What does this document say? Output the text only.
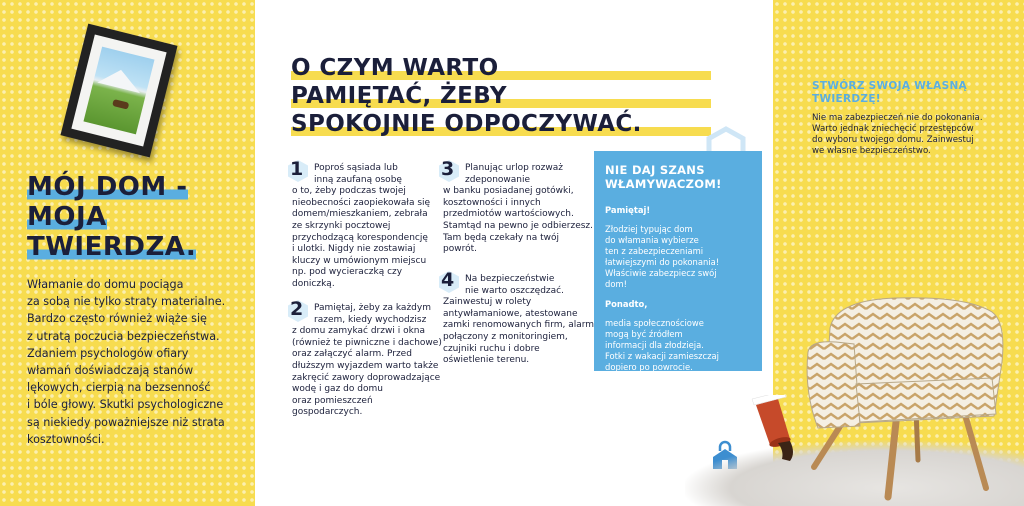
MÓJ DOM -
MOJA
TWIERDZA.
Włamanie do domu pociąga
za sobą nie tylko straty materialne.
Bardzo często również wiąże się
z utratą poczucia bezpieczeństwa.
Zdaniem psychologów ofiary
włamań doświadczają stanów
lękowych, cierpią na bezsenność
i bóle głowy. Skutki psychologiczne
są niekiedy poważniejsze niż strata
kosztowności.
O CZYM WARTO
PAMIĘTAĆ, ŻEBY
SPOKOJNIE ODPOCZYWAĆ.
1	Poproś sąsiada lub
inną zaufaną osobę
o to, żeby podczas twojej
nieobecności zaopiekowała się
domem/mieszkaniem, zebrała
ze skrzynki pocztowej
przychodzącą korespondencję
i ulotki. Nigdy nie zostawiaj
kluczy w umówionym miejscu
np. pod wycieraczką czy
doniczką.
2	Pamiętaj, żeby za każdym
razem, kiedy wychodzisz
z domu zamykać drzwi i okna
(również te piwniczne i dachowe)
oraz załączyć alarm. Przed
dłuższym wyjazdem warto także
zakręcić zawory doprowadzające
wodę i gaz do domu
oraz pomieszczeń
gospodarczych.
3	Planując urlop rozważ
zdeponowanie
w banku posiadanej gotówki,
kosztowności i innych
przedmiotów wartościowych.
Stamtąd na pewno je odbierzesz.
Tam będą czekały na twój
powrót.
4	Na bezpieczeństwie
nie warto oszczędzać.
Zainwestuj w rolety
antywłamaniowe, atestowane
zamki renomowanych firm, alarm
połączony z monitoringiem,
czujniki ruchu i dobre
oświetlenie terenu.
NIE DAJ SZANS
WŁAMYWACZOM!
Pamiętaj!
Złodziej typując dom
do włamania wybierze
ten z zabezpieczeniami
łatwiejszymi do pokonania!
Właściwie zabezpiecz swój
dom!
Ponadto,
media społecznościowe
mogą być źródłem
informacji dla złodzieja.
Fotki z wakacji zamieszczaj
dopiero po powrocie.
STWÓRZ SWOJĄ WŁASNĄ
TWIERDZĘ!
Nie ma zabezpieczeń nie do pokonania.
Warto jednak zniechęcić przestępców
do wyboru twojego domu. Zainwestuj
we własne bezpieczeństwo.
